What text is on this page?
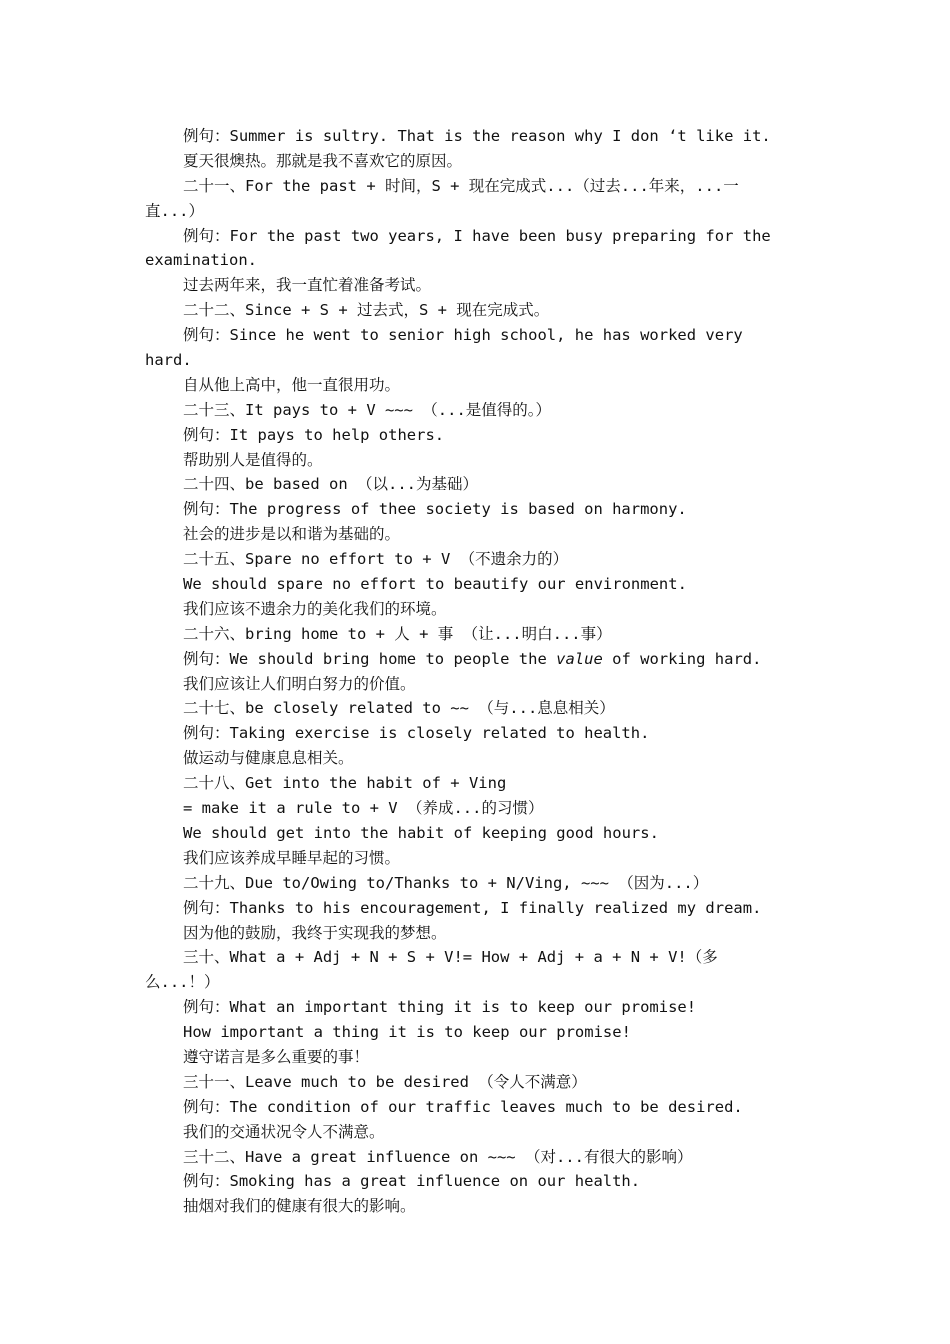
例句：Summer is sultry. That is the reason why I don ‘t like it.
夏天很燠热。那就是我不喜欢它的原因。
二十一、For the past + 时间，S + 现在完成式...（过去...年来，...一
直...）
例句：For the past two years, I have been busy preparing for the
examination.
过去两年来，我一直忙着准备考试。
二十二、Since + S + 过去式，S + 现在完成式。
例句：Since he went to senior high school, he has worked very
hard.
自从他上高中，他一直很用功。
二十三、It pays to + V ~~~ （...是值得的。）
例句：It pays to help others.
帮助别人是值得的。
二十四、be based on （以...为基础）
例句：The progress of thee society is based on harmony.
社会的进步是以和谐为基础的。
二十五、Spare no effort to + V （不遗余力的）
We should spare no effort to beautify our environment.
我们应该不遗余力的美化我们的环境。
二十六、bring home to + 人 + 事 （让...明白...事）
例句：We should bring home to people the value of working hard.
我们应该让人们明白努力的价值。
二十七、be closely related to ~~ （与...息息相关）
例句：Taking exercise is closely related to health.
做运动与健康息息相关。
二十八、Get into the habit of + Ving
= make it a rule to + V （养成...的习惯）
We should get into the habit of keeping good hours.
我们应该养成早睡早起的习惯。
二十九、Due to/Owing to/Thanks to + N/Ving, ~~~ （因为...）
例句：Thanks to his encouragement, I finally realized my dream.
因为他的鼓励，我终于实现我的梦想。
三十、What a + Adj + N + S + V!= How + Adj + a + N + V!（多
么...！）
例句：What an important thing it is to keep our promise!
How important a thing it is to keep our promise!
遵守诺言是多么重要的事！
三十一、Leave much to be desired （令人不满意）
例句：The condition of our traffic leaves much to be desired.
我们的交通状况令人不满意。
三十二、Have a great influence on ~~~ （对...有很大的影响）
例句：Smoking has a great influence on our health.
抽烟对我们的健康有很大的影响。
